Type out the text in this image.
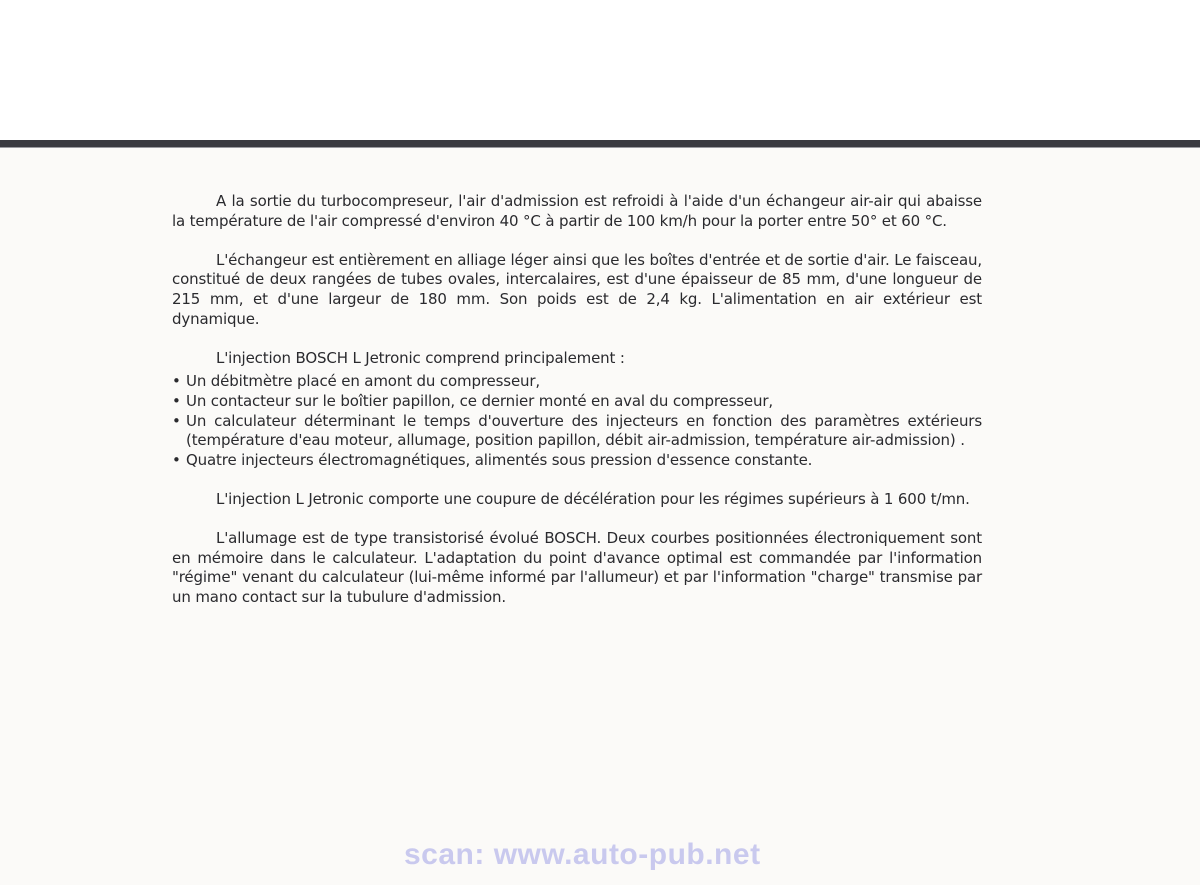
A la sortie du turbocompreseur, l'air d'admission est refroidi à l'aide d'un échangeur air-air qui abaisse la température de l'air compressé d'environ 40 °C à partir de 100 km/h pour la porter entre 50° et 60 °C.

L'échangeur est entièrement en alliage léger ainsi que les boîtes d'entrée et de sortie d'air. Le faisceau, constitué de deux rangées de tubes ovales, intercalaires, est d'une épaisseur de 85 mm, d'une longueur de 215 mm, et d'une largeur de 180 mm. Son poids est de 2,4 kg. L'alimentation en air extérieur est dynamique.

L'injection BOSCH L Jetronic comprend principalement :

• Un débitmètre placé en amont du compresseur,
• Un contacteur sur le boîtier papillon, ce dernier monté en aval du compresseur,
• Un calculateur déterminant le temps d'ouverture des injecteurs en fonction des paramètres extérieurs (température d'eau moteur, allumage, position papillon, débit air-admission, température air-admission) .
• Quatre injecteurs électromagnétiques, alimentés sous pression d'essence constante.

L'injection L Jetronic comporte une coupure de décélération pour les régimes supérieurs à 1 600 t/mn.

L'allumage est de type transistorisé évolué BOSCH. Deux courbes positionnées électroniquement sont en mémoire dans le calculateur. L'adaptation du point d'avance optimal est commandée par l'information "régime" venant du calculateur (lui-même informé par l'allumeur) et par l'information "charge" transmise par un mano contact sur la tubulure d'admission.

scan: www.auto-pub.net
